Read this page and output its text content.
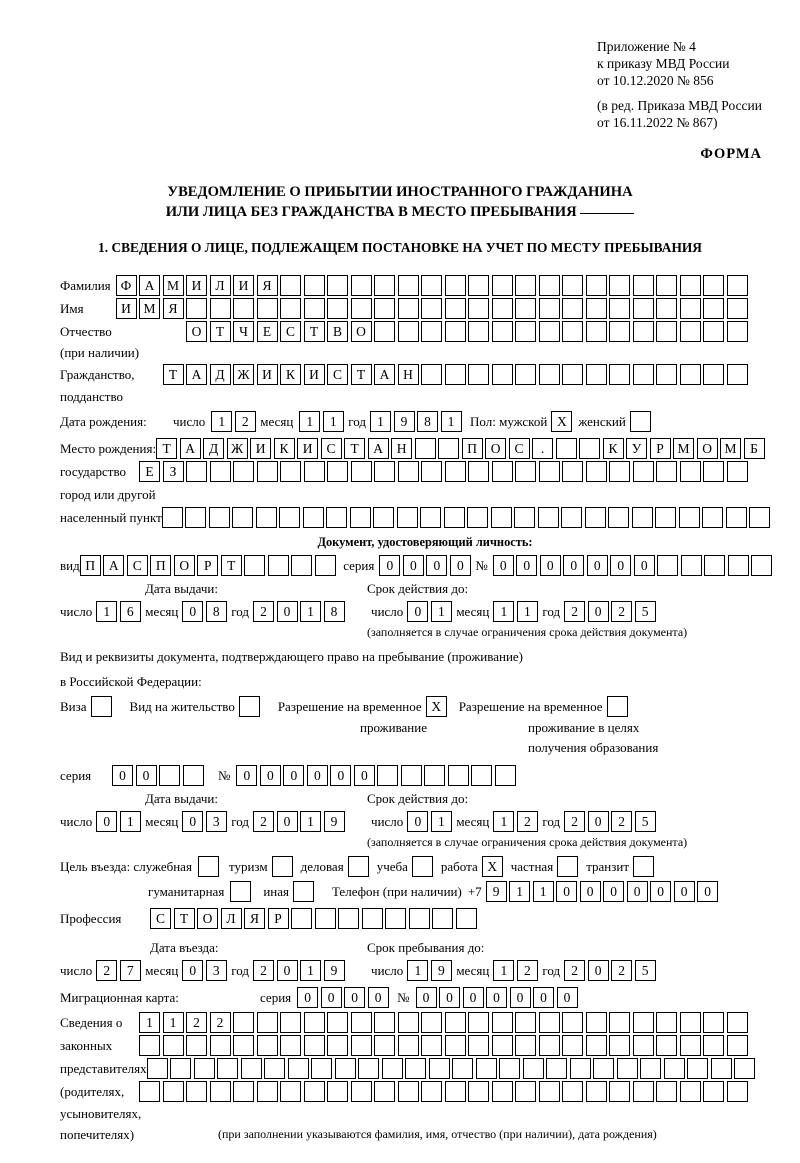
Приложение № 4
к приказу МВД России
от 10.12.2020 № 856
(в ред. Приказа МВД России
от 16.11.2022 № 867)
ФОРМА
УВЕДОМЛЕНИЕ О ПРИБЫТИИ ИНОСТРАННОГО ГРАЖДАНИНА
ИЛИ ЛИЦА БЕЗ ГРАЖДАНСТВА В МЕСТО ПРЕБЫВАНИЯ
1. СВЕДЕНИЯ О ЛИЦЕ, ПОДЛЕЖАЩЕМ ПОСТАНОВКЕ НА УЧЕТ ПО МЕСТУ ПРЕБЫВАНИЯ
Фамилия Ф А М И	Л	И	Я
Имя	И М Я
Отчество	О	Т	Ч	Е	С	Т	В	О
(при наличии)
Гражданство,	Т	А	Д Ж И	К	И	С	Т	А	Н
подданство
Дата рождения:	число 1	2 месяц 1	1 год 1	9	8	1	Пол: мужской X женский
Место рождения: Т	А	Д Ж И	К	И	С	Т	А	Н	П	О	С	.	К	У	Р	М О М	Б
государство	Е	З
город или другой
населенный пункт
Документ, удостоверяющий личность:
вид П	А	С	П	О	Р	Т	серия 0	0	0	0 № 0	0	0	0	0	0	0
Дата выдачи:	Срок действия до:
число 1	6 месяц 0	8 год 2	0	1	8	число 0	1 месяц 1	1 год 2	0	2	5
(заполняется в случае ограничения срока действия документа)
Вид и реквизиты документа, подтверждающего право на пребывание (проживание)
в Российской Федерации:
Виза	Вид на жительство	Разрешение на временное X	Разрешение на временное
проживание	проживание в целях
получения образования
серия	0	0	№ 0	0	0	0	0	0
Дата выдачи:	Срок действия до:
число 0	1 месяц 0	3 год 2	0	1	9	число 0	1 месяц 1	2 год 2	0	2	5
(заполняется в случае ограничения срока действия документа)
Цель въезда: служебная	туризм	деловая	учеба	работа X	частная	транзит
гуманитарная	иная	Телефон (при наличии) +7 9	1	1	0	0	0	0	0	0	0
Профессия	С	Т	О	Л	Я	Р
Дата въезда:	Срок пребывания до:
число 2	7 месяц 0	3 год 2	0	1	9	число 1	9 месяц 1	2 год 2	0	2	5
Миграционная карта:	серия 0	0	0	0	№ 0	0	0	0	0	0	0
Сведения о	1	1	2	2
законных
представителях
(родителях,
усыновителях,
попечителях)	(при заполнении указываются фамилия, имя, отчество (при наличии), дата рождения)
